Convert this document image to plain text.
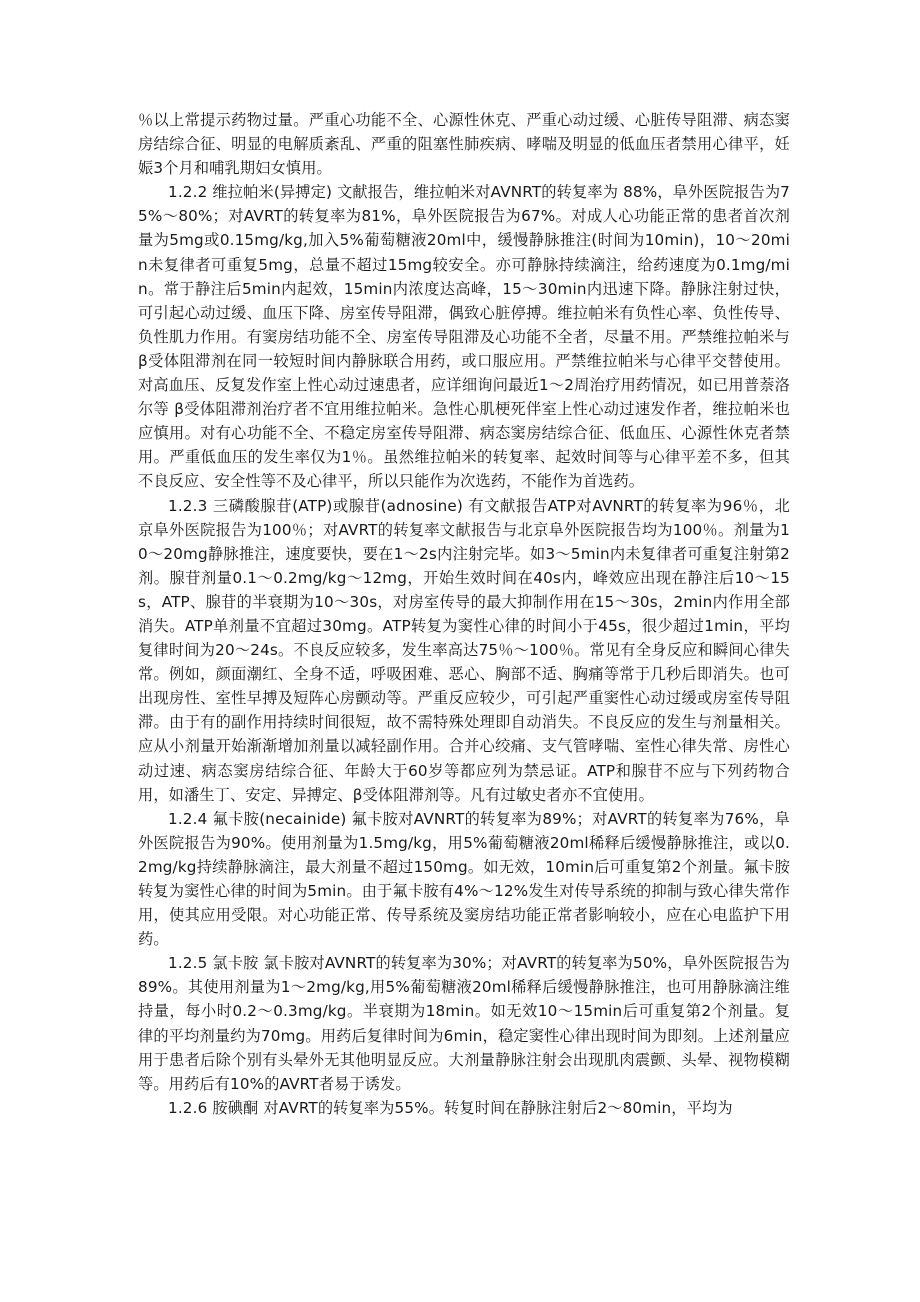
％以上常提示药物过量。严重心功能不全、心源性休克、严重心动过缓、心脏传导阻滞、病态窦房结综合征、明显的电解质紊乱、严重的阻塞性肺疾病、哮喘及明显的低血压者禁用心律平，妊娠3个月和哺乳期妇女慎用。

1.2.2 维拉帕米(异搏定) 文献报告，维拉帕米对AVNRT的转复率为 88%，阜外医院报告为75%～80%；对AVRT的转复率为81%，阜外医院报告为67%。对成人心功能正常的患者首次剂量为5mg或0.15mg/kg,加入5%葡萄糖液20ml中，缓慢静脉推注(时间为10min)，10～20min未复律者可重复5mg，总量不超过15mg较安全。亦可静脉持续滴注，给药速度为0.1mg/min。常于静注后5min内起效，15min内浓度达高峰，15～30min内迅速下降。静脉注射过快，可引起心动过缓、血压下降、房室传导阻滞，偶致心脏停搏。维拉帕米有负性心率、负性传导、负性肌力作用。有窦房结功能不全、房室传导阻滞及心功能不全者，尽量不用。严禁维拉帕米与β受体阻滞剂在同一较短时间内静脉联合用药，或口服应用。严禁维拉帕米与心律平交替使用。对高血压、反复发作室上性心动过速患者，应详细询问最近1～2周治疗用药情况，如已用普萘洛尔等 β受体阻滞剂治疗者不宜用维拉帕米。急性心肌梗死伴室上性心动过速发作者，维拉帕米也应慎用。对有心功能不全、不稳定房室传导阻滞、病态窦房结综合征、低血压、心源性休克者禁用。严重低血压的发生率仅为1％。虽然维拉帕米的转复率、起效时间等与心律平差不多，但其不良反应、安全性等不及心律平，所以只能作为次选药，不能作为首选药。

1.2.3 三磷酸腺苷(ATP)或腺苷(adnosine) 有文献报告ATP对AVNRT的转复率为96％，北京阜外医院报告为100％；对AVRT的转复率文献报告与北京阜外医院报告均为100％。剂量为10～20mg静脉推注，速度要快，要在1～2s内注射完毕。如3～5min内未复律者可重复注射第2剂。腺苷剂量0.1～0.2mg/kg～12mg，开始生效时间在40s内，峰效应出现在静注后10～15s，ATP、腺苷的半衰期为10～30s，对房室传导的最大抑制作用在15～30s，2min内作用全部消失。ATP单剂量不宜超过30mg。ATP转复为窦性心律的时间小于45s，很少超过1min，平均复律时间为20～24s。不良反应较多，发生率高达75％～100％。常见有全身反应和瞬间心律失常。例如，颜面潮红、全身不适，呼吸困难、恶心、胸部不适、胸痛等常于几秒后即消失。也可出现房性、室性早搏及短阵心房颤动等。严重反应较少，可引起严重窦性心动过缓或房室传导阻滞。由于有的副作用持续时间很短，故不需特殊处理即自动消失。不良反应的发生与剂量相关。应从小剂量开始渐渐增加剂量以减轻副作用。合并心绞痛、支气管哮喘、室性心律失常、房性心动过速、病态窦房结综合征、年龄大于60岁等都应列为禁忌证。ATP和腺苷不应与下列药物合用，如潘生丁、安定、异搏定、β受体阻滞剂等。凡有过敏史者亦不宜使用。

1.2.4 氟卡胺(necainide) 氟卡胺对AVNRT的转复率为89%；对AVRT的转复率为76%，阜外医院报告为90%。使用剂量为1.5mg/kg，用5%葡萄糖液20ml稀释后缓慢静脉推注，或以0.2mg/kg持续静脉滴注，最大剂量不超过150mg。如无效，10min后可重复第2个剂量。氟卡胺转复为窦性心律的时间为5min。由于氟卡胺有4%～12%发生对传导系统的抑制与致心律失常作用，使其应用受限。对心功能正常、传导系统及窦房结功能正常者影响较小，应在心电监护下用药。

1.2.5 氯卡胺 氯卡胺对AVNRT的转复率为30%；对AVRT的转复率为50%，阜外医院报告为89%。其使用剂量为1～2mg/kg,用5%葡萄糖液20ml稀释后缓慢静脉推注，也可用静脉滴注维持量，每小时0.2～0.3mg/kg。半衰期为18min。如无效10～15min后可重复第2个剂量。复律的平均剂量约为70mg。用药后复律时间为6min，稳定窦性心律出现时间为即刻。上述剂量应用于患者后除个别有头晕外无其他明显反应。大剂量静脉注射会出现肌肉震颤、头晕、视物模糊等。用药后有10%的AVRT者易于诱发。

1.2.6 胺碘酮 对AVRT的转复率为55%。转复时间在静脉注射后2～80min，平均为
